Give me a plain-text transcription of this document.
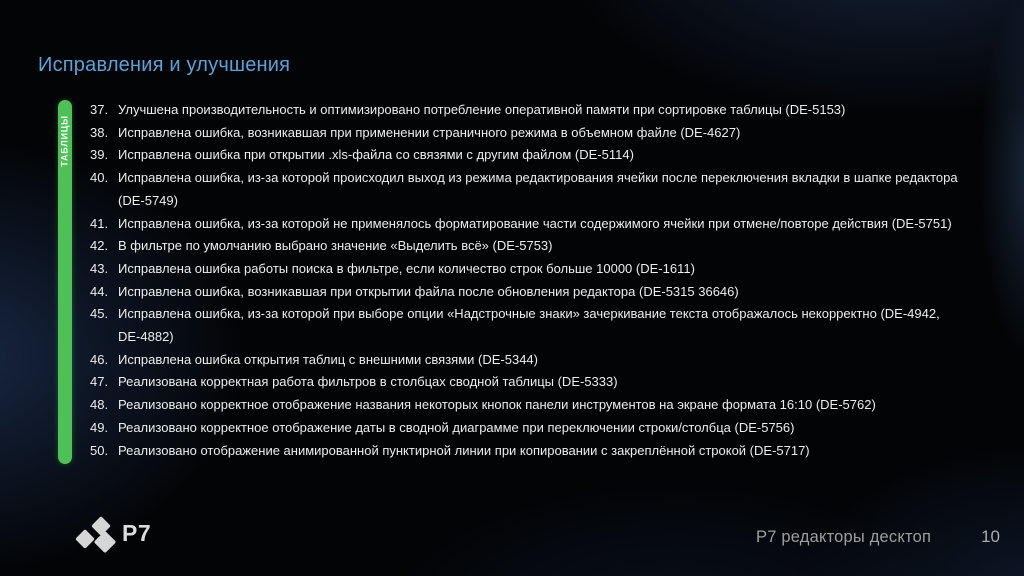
Исправления и улучшения
ТАБЛИЦЫ
37. Улучшена производительность и оптимизировано потребление оперативной памяти при сортировке таблицы (DE-5153)
38. Исправлена ошибка, возникавшая при применении страничного режима в объемном файле (DE-4627)
39. Исправлена ошибка при открытии .xls-файла со связями с другим файлом (DE-5114)
40. Исправлена ошибка, из-за которой происходил выход из режима редактирования ячейки после переключения вкладки в шапке редактора (DE-5749)
41. Исправлена ошибка, из-за которой не применялось форматирование части содержимого ячейки при отмене/повторе действия (DE-5751)
42. В фильтре по умолчанию выбрано значение «Выделить всё» (DE-5753)
43. Исправлена ошибка работы поиска в фильтре, если количество строк больше 10000 (DE-1611)
44. Исправлена ошибка, возникавшая при открытии файла после обновления редактора (DE-5315 36646)
45. Исправлена ошибка, из-за которой при выборе опции «Надстрочные знаки» зачеркивание текста отображалось некорректно (DE-4942, DE-4882)
46. Исправлена ошибка открытия таблиц с внешними связями (DE-5344)
47. Реализована корректная работа фильтров в столбцах сводной таблицы (DE-5333)
48. Реализовано корректное отображение названия некоторых кнопок панели инструментов на экране формата 16:10 (DE-5762)
49. Реализовано корректное отображение даты в сводной диаграмме при переключении строки/столбца (DE-5756)
50. Реализовано отображение анимированной пунктирной линии при копировании с закреплённой строкой (DE-5717)
Р7	Р7 редакторы десктоп	10
